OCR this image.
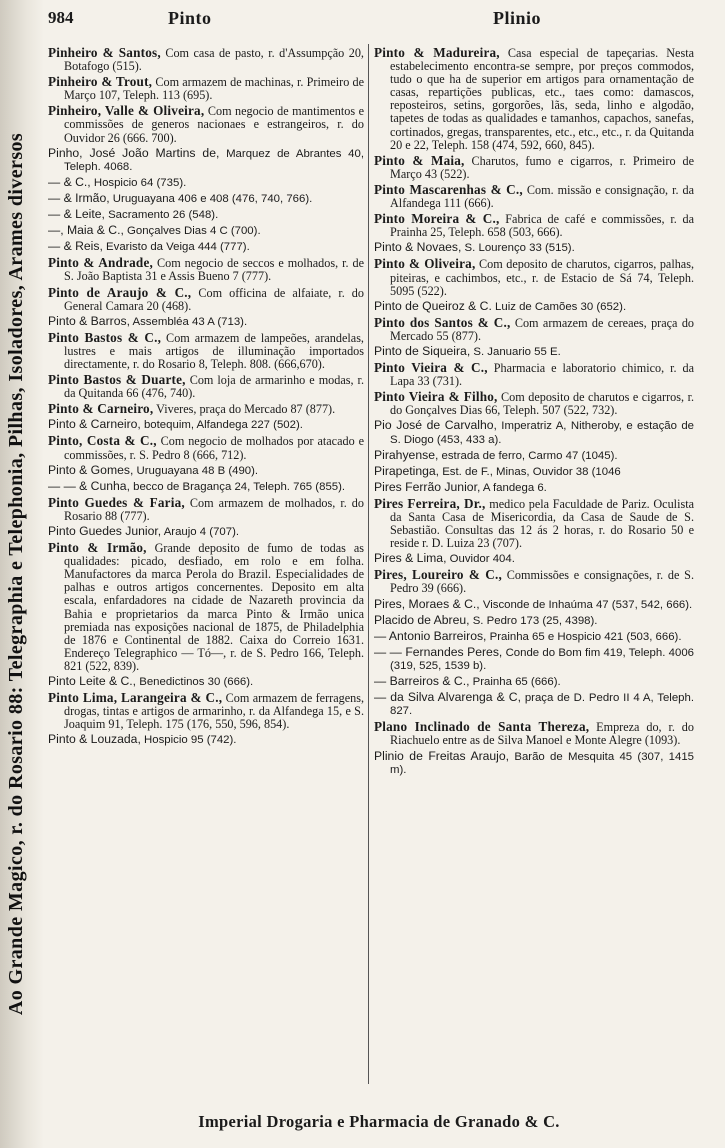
Ao Grande Magico, r. do Rosario 88: Telegraphia e Telephonia, Pilhas, Isoladores, Arames diversos
984	Pinto	Plinio
Pinheiro & Santos, Com casa de pasto, r. d'Assumpção 20, Botafogo (515).
Pinheiro & Trout, Com armazem de machinas, r. Primeiro de Março 107, Teleph. 113 (695).
Pinheiro, Valle & Oliveira, Com negocio de mantimentos e commissões de generos nacionaes e estrangeiros, r. do Ouvidor 26 (666. 700).
Pinho, José João Martins de, Marquez de Abrantes 40, Teleph. 4068.
— & C., Hospicio 64 (735).
— & Irmão, Uruguayana 406 e 408 (476, 740, 766).
— & Leite, Sacramento 26 (548).
—, Maia & C., Gonçalves Dias 4 C (700).
— & Reis, Evaristo da Veiga 444 (777).
Pinto & Andrade, Com negocio de seccos e molhados, r. de S. João Baptista 31 e Assis Bueno 7 (777).
Pinto de Araujo & C., Com officina de alfaiate, r. do General Camara 20 (468).
Pinto & Barros, Assembléa 43 A (713).
Pinto Bastos & C., Com armazem de lampeões, arandelas, lustres e mais artigos de illuminação importados directamente, r. do Rosario 8, Teleph. 808. (666,670).
Pinto Bastos & Duarte, Com loja de armarinho e modas, r. da Quitanda 66 (476, 740).
Pinto & Carneiro, Viveres, praça do Mercado 87 (877).
Pinto & Carneiro, botequim, Alfandega 227 (502).
Pinto, Costa & C., Com negocio de molhados por atacado e commissões, r. S. Pedro 8 (666, 712).
Pinto & Gomes, Uruguayana 48 B (490).
— — & Cunha, becco de Bragança 24, Teleph. 765 (855).
Pinto Guedes & Faria, Com armazem de molhados, r. do Rosario 88 (777).
Pinto Guedes Junior, Araujo 4 (707).
Pinto & Irmão, Grande deposito de fumo de todas as qualidades: picado, desfiado, em rolo e em folha. Manufactores da marca Perola do Brazil. Especialidades de palhas e outros artigos concernentes. Deposito em alta escala, enfardadores na cidade de Nazareth provincia da Bahia e proprietarios da marca Pinto & Irmão unica premiada nas exposições nacional de 1875, de Philadelphia de 1876 e Continental de 1882. Caixa do Correio 1631. Endereço Telegraphico — Tó—, r. de S. Pedro 166, Teleph. 821 (522, 839).
Pinto Leite & C., Benedictinos 30 (666).
Pinto Lima, Larangeira & C., Com armazem de ferragens, drogas, tintas e artigos de armarinho, r. da Alfandega 15, e S. Joaquim 91, Teleph. 175 (176, 550, 596, 854).
Pinto & Louzada, Hospicio 95 (742).
Pinto & Madureira, Casa especial de tapeçarias. Nesta estabelecimento encontra-se sempre, por preços commodos, tudo o que ha de superior em artigos para ornamentação de casas, repartições publicas, etc., taes como: damascos, reposteiros, setins, gorgorões, lãs, seda, linho e algodão, tapetes de todas as qualidades e tamanhos, capachos, sanefas, cortinados, gregas, transparentes, etc., etc., etc., r. da Quitanda 20 e 22, Teleph. 158 (474, 592, 660, 845).
Pinto & Maia, Charutos, fumo e cigarros, r. Primeiro de Março 43 (522).
Pinto Mascarenhas & C., Com. missão e consignação, r. da Alfandega 111 (666).
Pinto Moreira & C., Fabrica de café e commissões, r. da Prainha 25, Teleph. 658 (503, 666).
Pinto & Novaes, S. Lourenço 33 (515).
Pinto & Oliveira, Com deposito de charutos, cigarros, palhas, piteiras, e cachimbos, etc., r. de Estacio de Sá 74, Teleph. 5095 (522).
Pinto de Queiroz & C. Luiz de Camões 30 (652).
Pinto dos Santos & C., Com armazem de cereaes, praça do Mercado 55 (877).
Pinto de Siqueira, S. Januario 55 E.
Pinto Vieira & C., Pharmacia e laboratorio chimico, r. da Lapa 33 (731).
Pinto Vieira & Filho, Com deposito de charutos e cigarros, r. do Gonçalves Dias 66, Teleph. 507 (522, 732).
Pio José de Carvalho, Imperatriz A, Nitheroby, e estação de S. Diogo (453, 433 a).
Pirahyense, estrada de ferro, Carmo 47 (1045).
Pirapetinga, Est. de F., Minas, Ouvidor 38 (1046
Pires Ferrão Junior, A fandega 6.
Pires Ferreira, Dr., medico pela Faculdade de Pariz. Oculista da Santa Casa de Misericordia, da Casa de Saude de S. Sebastião. Consultas das 12 ás 2 horas, r. do Rosario 50 e reside r. D. Luiza 23 (707).
Pires & Lima, Ouvidor 404.
Pires, Loureiro & C., Commissões e consignações, r. de S. Pedro 39 (666).
Pires, Moraes & C., Visconde de Inhaúma 47 (537, 542, 666).
Placido de Abreu, S. Pedro 173 (25, 4398).
* — Antonio Barreiros, Prainha 65 e Hospicio 421 (503, 666).
* — — Fernandes Peres, Conde do Bom fim 419, Teleph. 4006 (319, 525, 1539 b).
— Barreiros & C., Prainha 65 (666).
— da Silva Alvarenga & C, praça de D. Pedro II 4 A, Teleph. 827.
Plano Inclinado de Santa Thereza, Empreza do, r. do Riachuelo entre as de Silva Manoel e Monte Alegre (1093).
Plinio de Freitas Araujo, Barão de Mesquita 45 (307, 1415 m).
Imperial Drogaria e Pharmacia de Granado & C.
